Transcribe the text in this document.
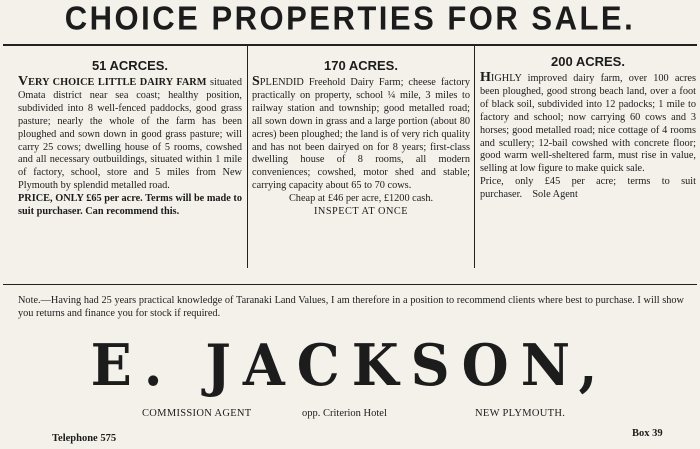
CHOICE PROPERTIES FOR SALE.
51 ACRCES.

VERY CHOICE LITTLE DAIRY FARM situated Omata district near sea coast; healthy position, subdivided into 8 well-fenced paddocks, good grass pasture; nearly the whole of the farm has been ploughed and sown down in good grass pasture; will carry 25 cows; dwelling house of 5 rooms, cowshed and all necessary outbuildings, situated within 1 mile of factory, school, store and 5 miles from New Plymouth by splendid metalled road.

PRICE, ONLY £65 per acre. Terms will be made to suit purchaser. Can recommend this.

170 ACRES.

SPLENDID Freehold Dairy Farm; cheese factory practically on property, school ¼ mile, 3 miles to railway station and township; good metalled road; all sown down in grass and a large portion (about 80 acres) been ploughed; the land is of very rich quality and has not been dairyed on for 8 years; first-class dwelling house of 8 rooms, all modern conveniences; cowshed, motor shed and stable; carrying capacity about 65 to 70 cows.

Cheap at £46 per acre, £1200 cash.

INSPECT AT ONCE

200 ACRES.

HIGHLY improved dairy farm, over 100 acres been ploughed, good strong beach land, over a foot of black soil, subdivided into 12 padocks; 1 mile to factory and school; now carrying 60 cows and 3 horses; good metalled road; nice cottage of 4 rooms and scullery; 12-bail cowshed with concrete floor; good warm well-sheltered farm, must rise in value, selling at low figure to make quick sale.

Price, only £45 per acre; terms to suit purchaser. Sole Agent

Note.—Having had 25 years practical knowledge of Taranaki Land Values, I am therefore in a position to recommend clients where best to purchase. I will show you returns and finance you for stock if required.
E. JACKSON,
COMMISSION AGENT	opp. Criterion Hotel	NEW PLYMOUTH.
Telephone 575	Box 39
